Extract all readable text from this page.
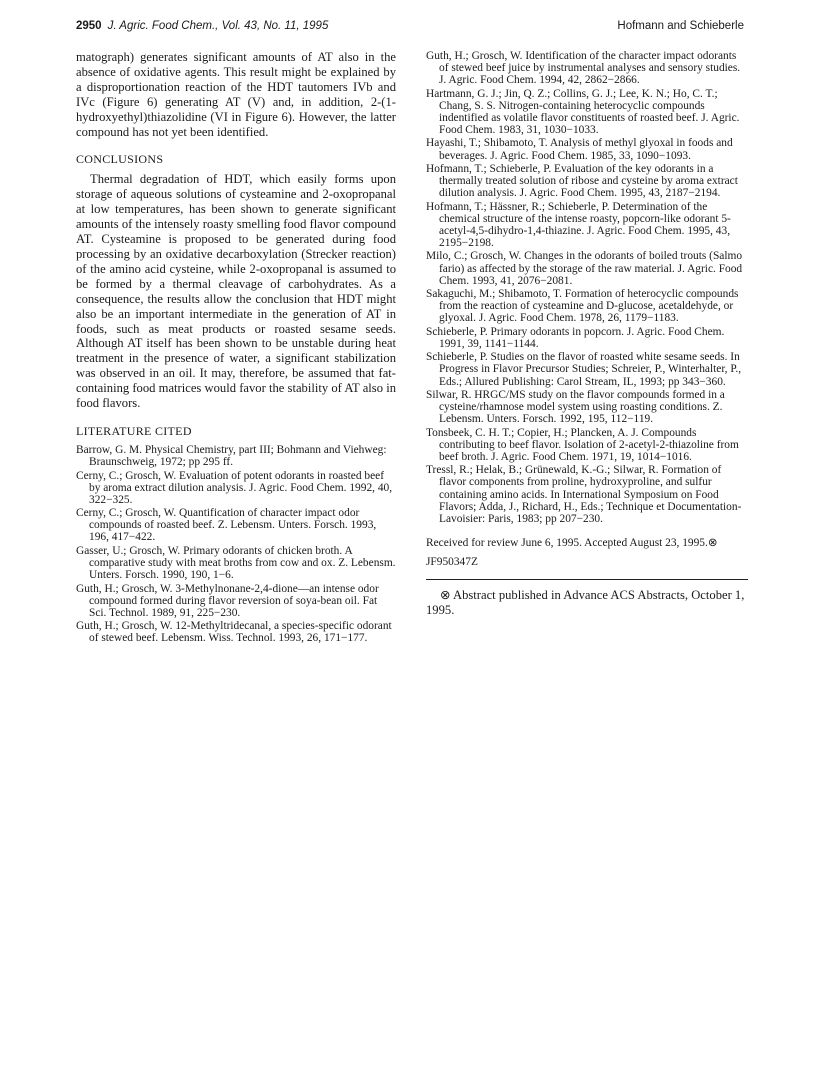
2950 J. Agric. Food Chem., Vol. 43, No. 11, 1995	Hofmann and Schieberle

matograph) generates significant amounts of AT also in the absence of oxidative agents. This result might be explained by a disproportionation reaction of the HDT tautomers IVb and IVc (Figure 6) generating AT (V) and, in addition, 2-(1-hydroxyethyl)thiazolidine (VI in Figure 6). However, the latter compound has not yet been identified.

CONCLUSIONS

Thermal degradation of HDT, which easily forms upon storage of aqueous solutions of cysteamine and 2-oxopropanal at low temperatures, has been shown to generate significant amounts of the intensely roasty smelling food flavor compound AT. Cysteamine is proposed to be generated during food processing by an oxidative decarboxylation (Strecker reaction) of the amino acid cysteine, while 2-oxopropanal is assumed to be formed by a thermal cleavage of carbohydrates. As a consequence, the results allow the conclusion that HDT might also be an important intermediate in the generation of AT in foods, such as meat products or roasted sesame seeds. Although AT itself has been shown to be unstable during heat treatment in the presence of water, a significant stabilization was observed in an oil. It may, therefore, be assumed that fat-containing food matrices would favor the stability of AT also in food flavors.

LITERATURE CITED
Barrow, G. M. Physical Chemistry, part III; Bohmann and Viehweg: Braunschweig, 1972; pp 295 ff.
Cerny, C.; Grosch, W. Evaluation of potent odorants in roasted beef by aroma extract dilution analysis. J. Agric. Food Chem. 1992, 40, 322−325.
Cerny, C.; Grosch, W. Quantification of character impact odor compounds of roasted beef. Z. Lebensm. Unters. Forsch. 1993, 196, 417−422.
Gasser, U.; Grosch, W. Primary odorants of chicken broth. A comparative study with meat broths from cow and ox. Z. Lebensm. Unters. Forsch. 1990, 190, 1−6.
Guth, H.; Grosch, W. 3-Methylnonane-2,4-dione—an intense odor compound formed during flavor reversion of soya-bean oil. Fat Sci. Technol. 1989, 91, 225−230.
Guth, H.; Grosch, W. 12-Methyltridecanal, a species-specific odorant of stewed beef. Lebensm. Wiss. Technol. 1993, 26, 171−177.
Guth, H.; Grosch, W. Identification of the character impact odorants of stewed beef juice by instrumental analyses and sensory studies. J. Agric. Food Chem. 1994, 42, 2862−2866.
Hartmann, G. J.; Jin, Q. Z.; Collins, G. J.; Lee, K. N.; Ho, C. T.; Chang, S. S. Nitrogen-containing heterocyclic compounds indentified as volatile flavor constituents of roasted beef. J. Agric. Food Chem. 1983, 31, 1030−1033.
Hayashi, T.; Shibamoto, T. Analysis of methyl glyoxal in foods and beverages. J. Agric. Food Chem. 1985, 33, 1090−1093.
Hofmann, T.; Schieberle, P. Evaluation of the key odorants in a thermally treated solution of ribose and cysteine by aroma extract dilution analysis. J. Agric. Food Chem. 1995, 43, 2187−2194.
Hofmann, T.; Hässner, R.; Schieberle, P. Determination of the chemical structure of the intense roasty, popcorn-like odorant 5-acetyl-4,5-dihydro-1,4-thiazine. J. Agric. Food Chem. 1995, 43, 2195−2198.
Milo, C.; Grosch, W. Changes in the odorants of boiled trouts (Salmo fario) as affected by the storage of the raw material. J. Agric. Food Chem. 1993, 41, 2076−2081.
Sakaguchi, M.; Shibamoto, T. Formation of heterocyclic compounds from the reaction of cysteamine and D-glucose, acetaldehyde, or glyoxal. J. Agric. Food Chem. 1978, 26, 1179−1183.
Schieberle, P. Primary odorants in popcorn. J. Agric. Food Chem. 1991, 39, 1141−1144.
Schieberle, P. Studies on the flavor of roasted white sesame seeds. In Progress in Flavor Precursor Studies; Schreier, P., Winterhalter, P., Eds.; Allured Publishing: Carol Stream, IL, 1993; pp 343−360.
Silwar, R. HRGC/MS study on the flavor compounds formed in a cysteine/rhamnose model system using roasting conditions. Z. Lebensm. Unters. Forsch. 1992, 195, 112−119.
Tonsbeek, C. H. T.; Copier, H.; Plancken, A. J. Compounds contributing to beef flavor. Isolation of 2-acetyl-2-thiazoline from beef broth. J. Agric. Food Chem. 1971, 19, 1014−1016.
Tressl, R.; Helak, B.; Grünewald, K.-G.; Silwar, R. Formation of flavor components from proline, hydroxyproline, and sulfur containing amino acids. In International Symposium on Food Flavors; Adda, J., Richard, H., Eds.; Technique et Documentation-Lavoisier: Paris, 1983; pp 207−230.

Received for review June 6, 1995. Accepted August 23, 1995.⊗

JF950347Z

⊗ Abstract published in Advance ACS Abstracts, October 1, 1995.
